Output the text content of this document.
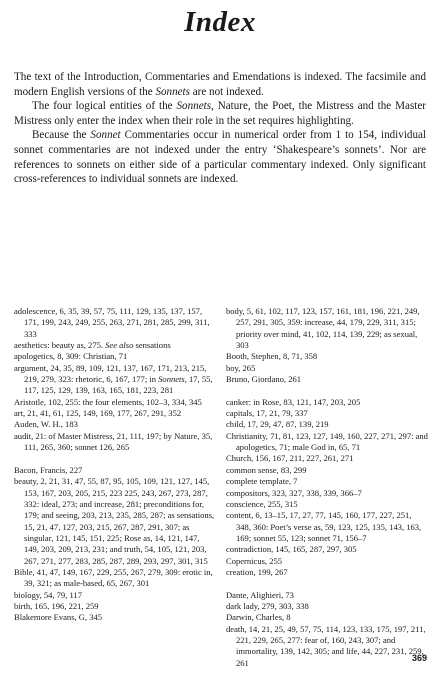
Index

The text of the Introduction, Commentaries and Emendations is indexed. The facsimile and modern English versions of the Sonnets are not indexed.

The four logical entities of the Sonnets, Nature, the Poet, the Mistress and the Master Mistress only enter the index when their role in the set requires highlighting.

Because the Sonnet Commentaries occur in numerical order from 1 to 154, individual sonnet commentaries are not indexed under the entry ‘Shakespeare’s sonnets’. Nor are references to sonnets on either side of a particular commentary indexed. Only significant cross-references to individual sonnets are indexed.

adolescence, 6, 35, 39, 57, 75, 111, 129, 135, 137, 157, 171, 199, 243, 249, 255, 263, 271, 281, 285, 299, 311, 333
aesthetics: beauty as, 275. See also sensations
apologetics, 8, 309: Christian, 71
argument, 24, 35, 89, 109, 121, 137, 167, 171, 213, 215, 219, 279, 323: rhetoric, 6, 167, 177; in Sonnets, 17, 55, 117, 125, 129, 139, 163, 165, 181, 223, 281
Aristotle, 102, 255: the four elements, 102–3, 334, 345
art, 21, 41, 61, 125, 149, 169, 177, 267, 291, 352
Auden, W. H., 183
audit, 21: of Master Mistress, 21, 111, 197; by Nature, 35, 111, 265, 360; sonnet 126, 265
Bacon, Francis, 227
beauty, 2, 21, 31, 47, 55, 87, 95, 105, 109, 121, 127, 145, 153, 167, 203, 205, 215, 223 225, 243, 267, 273, 287, 332: ideal, 273; and increase, 281; preconditions for, 179; and seeing, 203, 213, 235, 285, 287; as sensations, 15, 21, 47, 127, 203, 215, 267, 287, 291, 307; as singular, 121, 145, 151, 225; Rose as, 14, 121, 147, 149, 203, 209, 213, 231; and truth, 54, 105, 121, 203, 267, 271, 277, 283, 285, 287, 289, 293, 297, 301, 315
Bible, 41, 47, 149, 167, 229, 255, 267, 279, 309: erotic in, 39, 321; as male-based, 65, 267, 301
biology, 54, 79, 117
birth, 165, 196, 221, 259
Blakemore Evans, G, 345
body, 5, 61, 102, 117, 123, 157, 161, 181, 196, 221, 249, 257, 291, 305, 359: increase, 44, 179, 229, 311, 315; priority over mind, 41, 102, 114, 139, 229; as sexual, 303
Booth, Stephen, 8, 71, 358
boy, 265
Bruno, Giordano, 261
canker: in Rose, 83, 121, 147, 203, 205
capitals, 17, 21, 79, 337
child, 17, 29, 47, 87, 139, 219
Christianity, 71, 81, 123, 127, 149, 160, 227, 271, 297: and apologetics, 71; male God in, 65, 71
Church, 156, 167, 211, 227, 261, 271
common sense, 83, 299
complete template, 7
compositors, 323, 327, 338, 339, 366–7
conscience, 255, 315
content, 6, 13–15, 17, 27, 77, 145, 160, 177, 227, 251, 348, 360: Poet’s verse as, 59, 123, 125, 135, 143, 163, 169; sonnet 55, 123; sonnet 71, 156–7
contradiction, 145, 165, 287, 297, 305
Copernicus, 255
creation, 199, 267
Dante, Alighieri, 73
dark lady, 279, 303, 338
Darwin, Charles, 8
death, 14, 21, 25, 49, 57, 75, 114, 123, 133, 175, 197, 211, 221, 229, 265, 277: fear of, 160, 243, 307; and immortality, 139, 142, 305; and life, 44, 227, 231, 259, 261	369
